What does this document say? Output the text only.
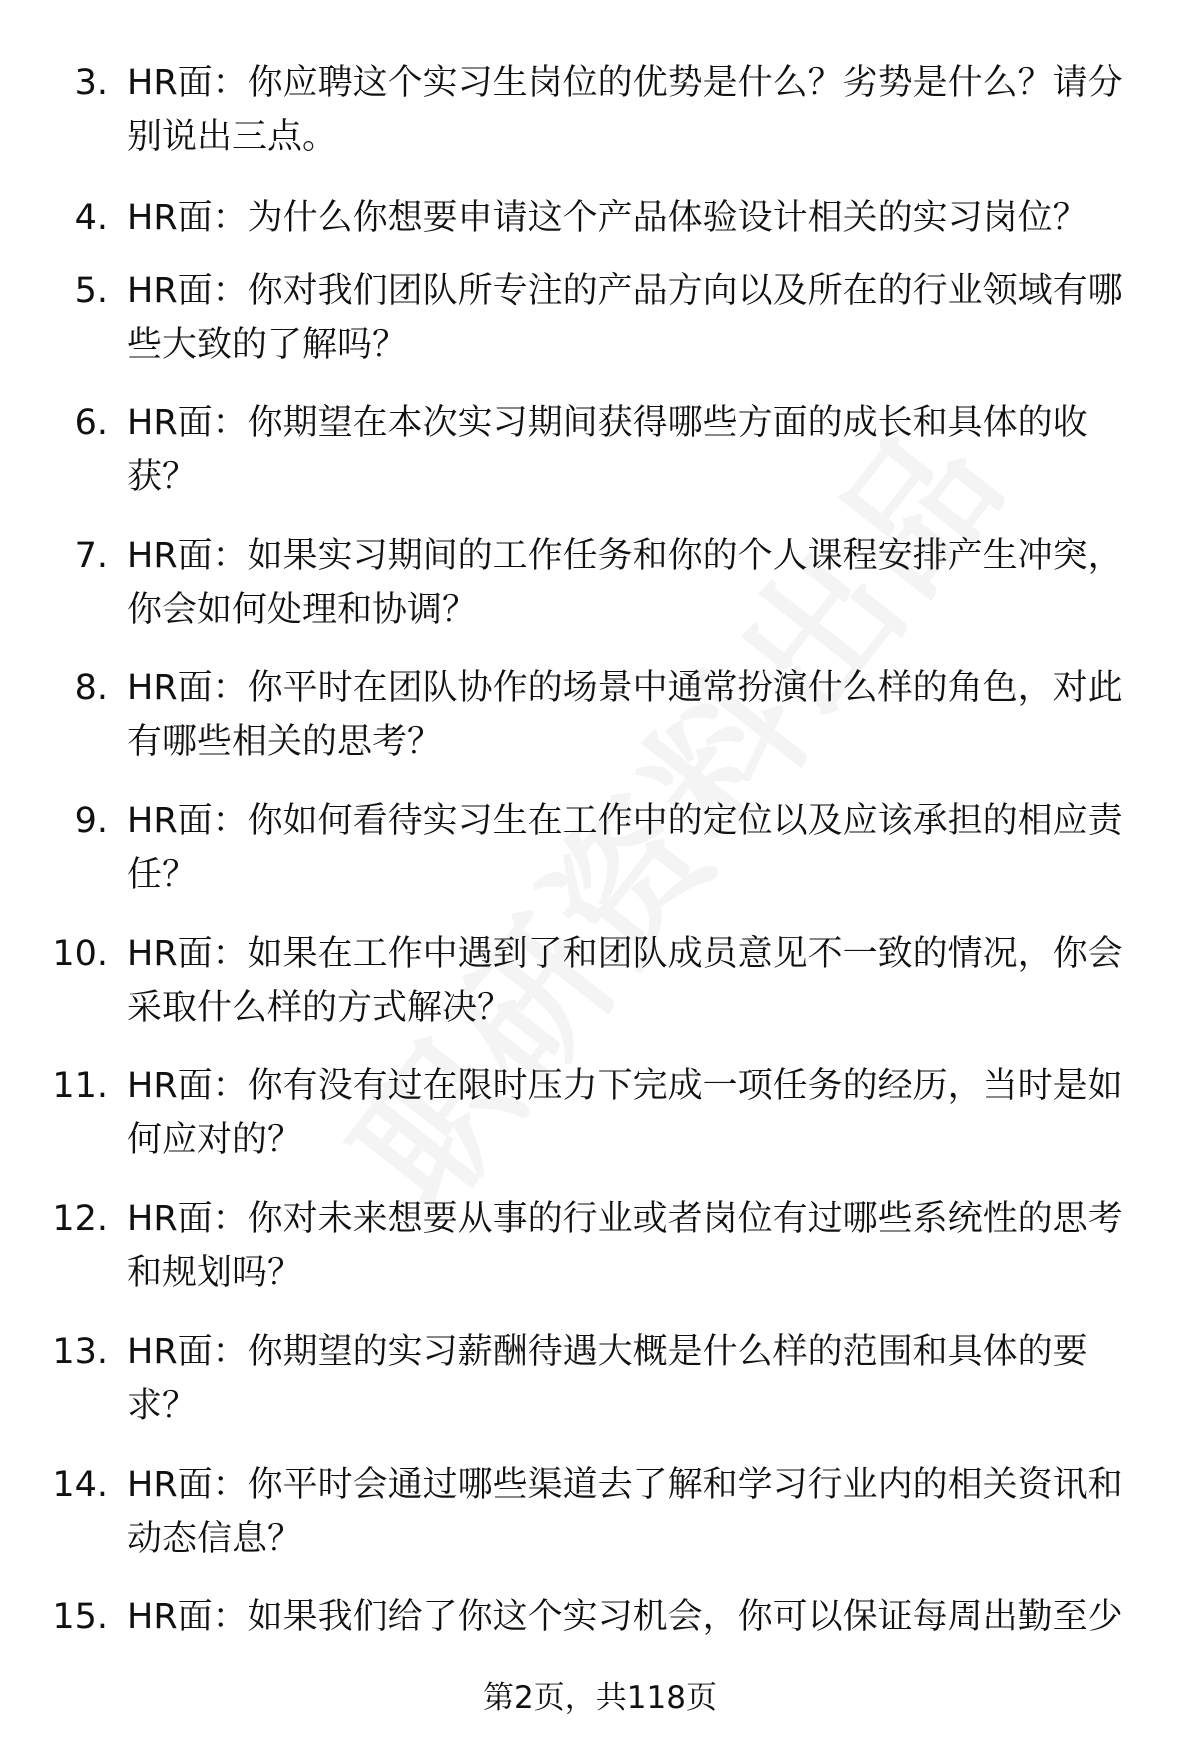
3. HR面：你应聘这个实习生岗位的优势是什么？劣势是什么？请分
别说出三点。
4. HR面：为什么你想要申请这个产品体验设计相关的实习岗位？
5. HR面：你对我们团队所专注的产品方向以及所在的行业领域有哪
些大致的了解吗？
6. HR面：你期望在本次实习期间获得哪些方面的成长和具体的收
获？
7. HR面：如果实习期间的工作任务和你的个人课程安排产生冲突，
你会如何处理和协调？
8. HR面：你平时在团队协作的场景中通常扮演什么样的角色，对此
有哪些相关的思考？
9. HR面：你如何看待实习生在工作中的定位以及应该承担的相应责
任？
10. HR面：如果在工作中遇到了和团队成员意见不一致的情况，你会
采取什么样的方式解决？
11. HR面：你有没有过在限时压力下完成一项任务的经历，当时是如
何应对的？
12. HR面：你对未来想要从事的行业或者岗位有过哪些系统性的思考
和规划吗？
13. HR面：你期望的实习薪酬待遇大概是什么样的范围和具体的要
求？
14. HR面：你平时会通过哪些渠道去了解和学习行业内的相关资讯和
动态信息？
15. HR面：如果我们给了你这个实习机会，你可以保证每周出勤至少
第2页，共118页
